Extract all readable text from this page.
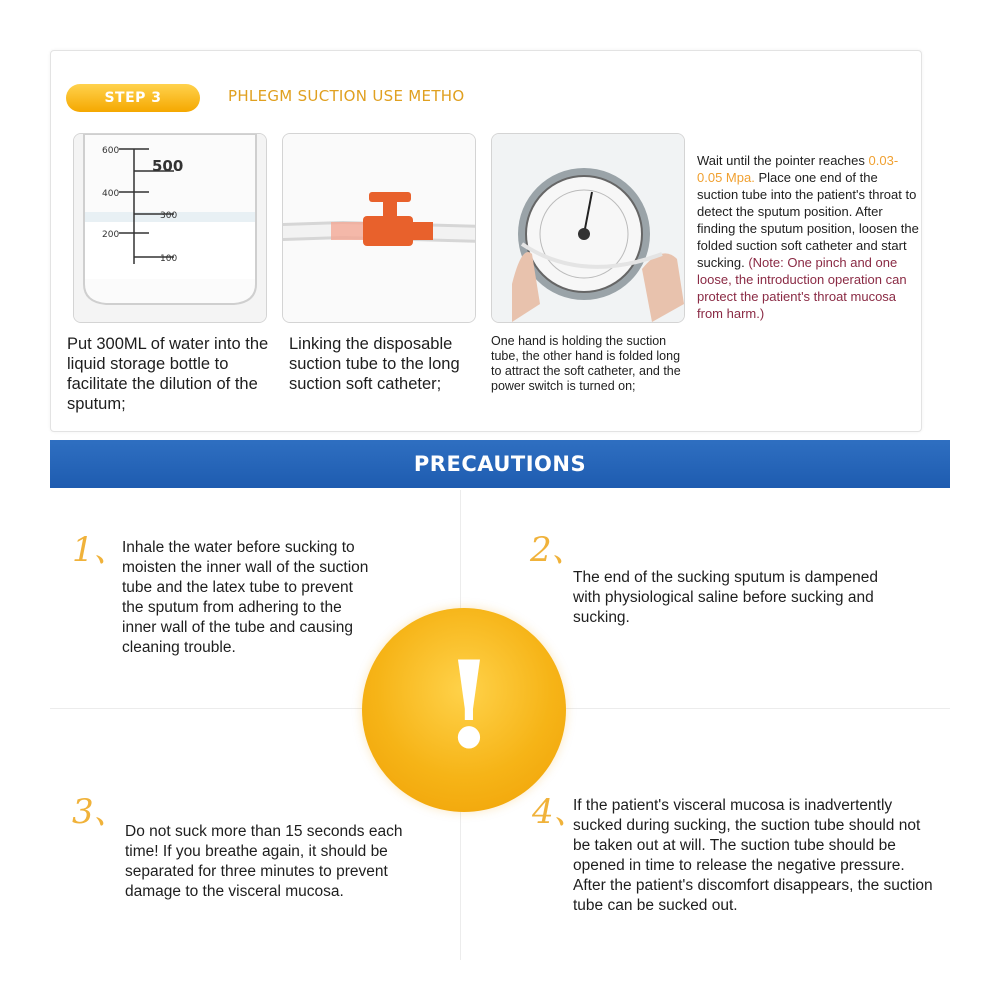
STEP 3	PHLEGM SUCTION USE METHO
600
500
400
300
200
100
Put 300ML of water into the liquid storage bottle to facilitate the dilution of the sputum;
Linking the disposable suction tube to the long suction soft catheter;
One hand is holding the suction tube, the other hand is folded long to attract the soft catheter, and the power switch is turned on;
Wait until the pointer reaches 0.03-0.05 Mpa. Place one end of the suction tube into the patient's throat to detect the sputum position. After finding the sputum position, loosen the folded suction soft catheter and start sucking. (Note: One pinch and one loose, the introduction operation can protect the patient's throat mucosa from harm.)
PRECAUTIONS
!
1、
Inhale the water before sucking to moisten the inner wall of the suction tube and the latex tube to prevent the sputum from adhering to the inner wall of the tube and causing cleaning trouble.
2、
The end of the sucking sputum is dampened with physiological saline before sucking and sucking.
3、
Do not suck more than 15 seconds each time! If you breathe again, it should be separated for three minutes to prevent damage to the visceral mucosa.
4、
If the patient's visceral mucosa is inadvertently sucked during sucking, the suction tube should not be taken out at will. The suction tube should be opened in time to release the negative pressure. After the patient's discomfort disappears, the suction tube can be sucked out.
